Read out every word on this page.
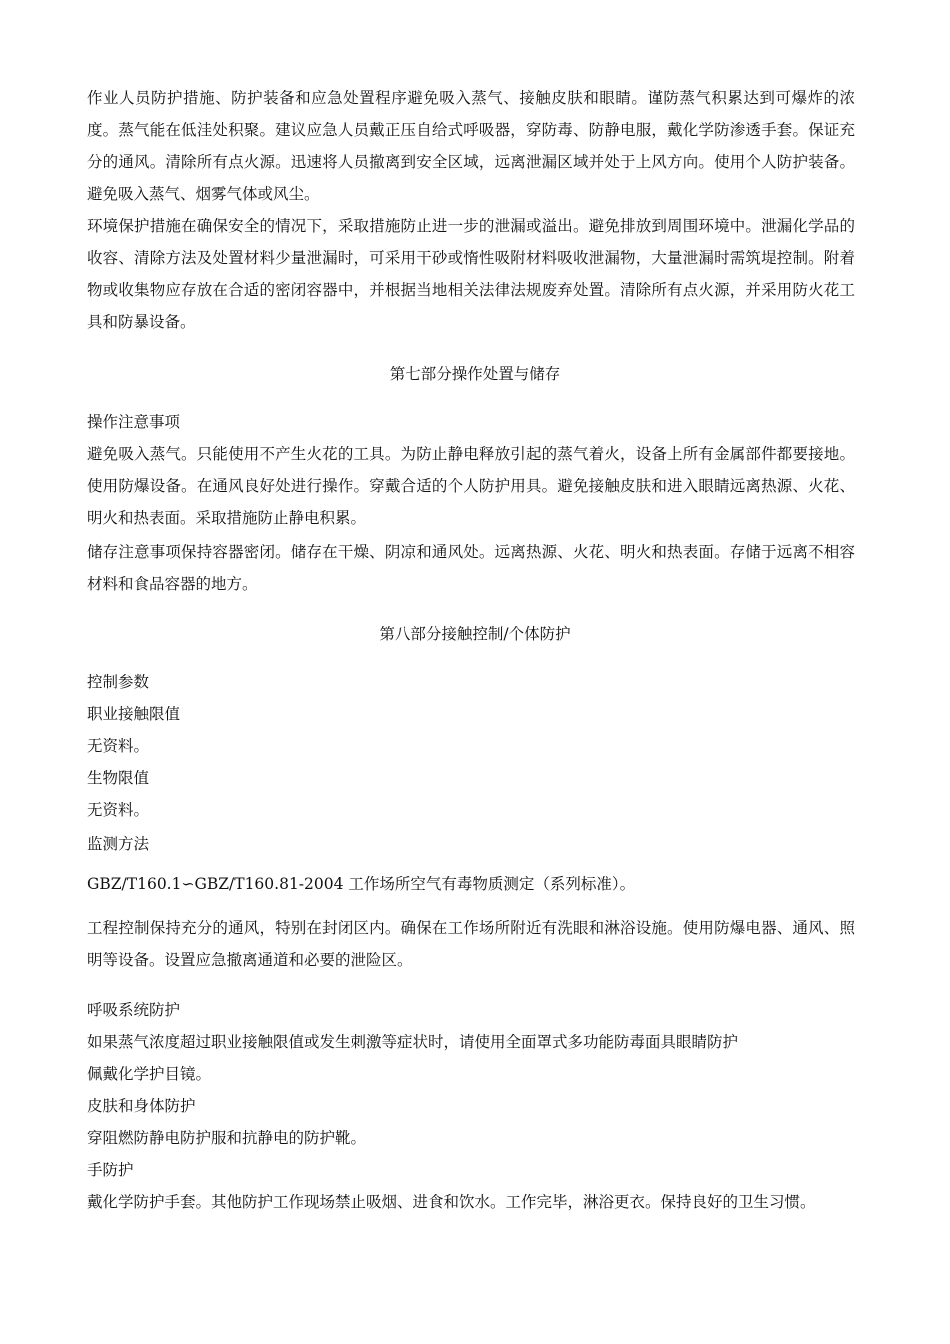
作业人员防护措施、防护装备和应急处置程序避免吸入蒸气、接触皮肤和眼睛。谨防蒸气积累达到可爆炸的浓度。蒸气能在低洼处积聚。建议应急人员戴正压自给式呼吸器，穿防毒、防静电服，戴化学防渗透手套。保证充分的通风。清除所有点火源。迅速将人员撤离到安全区域，远离泄漏区域并处于上风方向。使用个人防护装备。避免吸入蒸气、烟雾气体或风尘。

环境保护措施在确保安全的情况下，采取措施防止进一步的泄漏或溢出。避免排放到周围环境中。泄漏化学品的收容、清除方法及处置材料少量泄漏时，可采用干砂或惰性吸附材料吸收泄漏物，大量泄漏时需筑堤控制。附着物或收集物应存放在合适的密闭容器中，并根据当地相关法律法规废弃处置。清除所有点火源，并采用防火花工具和防暴设备。

第七部分操作处置与储存

操作注意事项

避免吸入蒸气。只能使用不产生火花的工具。为防止静电释放引起的蒸气着火，设备上所有金属部件都要接地。使用防爆设备。在通风良好处进行操作。穿戴合适的个人防护用具。避免接触皮肤和进入眼睛远离热源、火花、明火和热表面。采取措施防止静电积累。

储存注意事项保持容器密闭。储存在干燥、阴凉和通风处。远离热源、火花、明火和热表面。存储于远离不相容材料和食品容器的地方。

第八部分接触控制/个体防护

控制参数

职业接触限值

无资料。

生物限值

无资料。

监测方法

GBZ/T160.1∽GBZ/T160.81-2004 工作场所空气有毒物质测定（系列标准）。

工程控制保持充分的通风，特别在封闭区内。确保在工作场所附近有洗眼和淋浴设施。使用防爆电器、通风、照明等设备。设置应急撤离通道和必要的泄险区。

呼吸系统防护

如果蒸气浓度超过职业接触限值或发生刺激等症状时，请使用全面罩式多功能防毒面具眼睛防护

佩戴化学护目镜。

皮肤和身体防护

穿阻燃防静电防护服和抗静电的防护靴。

手防护

戴化学防护手套。其他防护工作现场禁止吸烟、进食和饮水。工作完毕，淋浴更衣。保持良好的卫生习惯。
